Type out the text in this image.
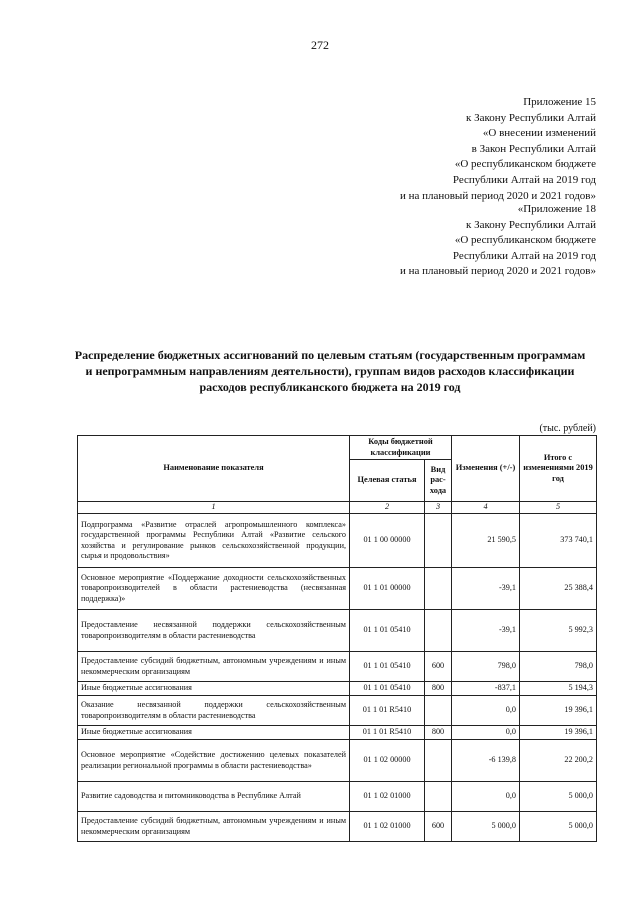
272
Приложение 15
к Закону Республики Алтай
«О внесении изменений
в Закон Республики Алтай
«О республиканском бюджете
Республики Алтай на 2019 год
и на плановый период 2020 и 2021 годов»
«Приложение 18
к Закону Республики Алтай
«О республиканском бюджете
Республики Алтай на 2019 год
и на плановый период 2020 и 2021 годов»
Распределение бюджетных ассигнований по целевым статьям (государственным программам и непрограммным направлениям деятельности), группам видов расходов классификации расходов республиканского бюджета на 2019 год
(тыс. рублей)
Наименование показателя	Коды бюджетной классификации		Изменения (+/-)	Итого с изменениями 2019 год
	Целевая статья	Вид рас-хода		
1	2	3	4	5
Подпрограмма «Развитие отраслей агропромышленного комплекса» государственной программы Республики Алтай «Развитие сельского хозяйства и регулирование рынков сельскохозяйственной продукции, сырья и продовольствия»	01 1 00 00000		21 590,5	373 740,1
Основное мероприятие «Поддержание доходности сельскохозяйственных товаропроизводителей в области растениеводства (несвязанная поддержка)»	01 1 01 00000		-39,1	25 388,4
Предоставление несвязанной поддержки сельскохозяйственным товаропроизводителям в области растениеводства	01 1 01 05410		-39,1	5 992,3
Предоставление субсидий бюджетным, автономным учреждениям и иным некоммерческим организациям	01 1 01 05410	600	798,0	798,0
Иные бюджетные ассигнования	01 1 01 05410	800	-837,1	5 194,3
Оказание несвязанной поддержки сельскохозяйственным товаропроизводителям в области растениеводства	01 1 01 R5410		0,0	19 396,1
Иные бюджетные ассигнования	01 1 01 R5410	800	0,0	19 396,1
Основное мероприятие «Содействие достижению целевых показателей реализации региональной программы в области растениеводства»	01 1 02 00000		-6 139,8	22 200,2
Развитие садоводства и питомниководства в Республике Алтай	01 1 02 01000		0,0	5 000,0
Предоставление субсидий бюджетным, автономным учреждениям и иным некоммерческим организациям	01 1 02 01000	600	5 000,0	5 000,0
